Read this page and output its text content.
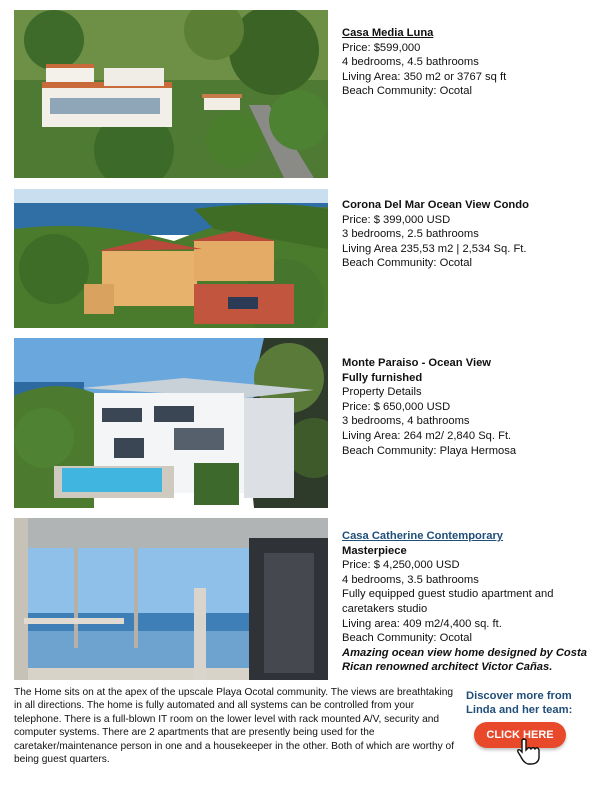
Casa Media Luna
Price: $599,000
4 bedrooms, 4.5 bathrooms
Living Area: 350 m2 or 3767 sq ft
Beach Community: Ocotal
Corona Del Mar Ocean View Condo
Price: $ 399,000 USD
3 bedrooms, 2.5 bathrooms
Living Area 235,53 m2 | 2,534 Sq. Ft.
Beach Community: Ocotal
Monte Paraiso - Ocean View
Fully furnished
Property Details
Price: $ 650,000 USD
3 bedrooms, 4 bathrooms
Living Area: 264 m2/ 2,840 Sq. Ft.
Beach Community: Playa Hermosa
Casa Catherine Contemporary
Masterpiece
Price: $ 4,250,000 USD
4 bedrooms, 3.5 bathrooms
Fully equipped guest studio apartment and
caretakers studio
Living area: 409 m2/4,400 sq. ft.
Beach Community: Ocotal
Amazing ocean view home designed by Costa Rican renowned architect Victor Cañas.
The Home sits on at the apex of the upscale Playa Ocotal community. The views are breathtaking in all directions. The home is fully automated and all systems can be controlled from your telephone. There is a full-blown IT room on the lower level with rack mounted A/V, security and computer systems. There are 2 apartments that are presently being used for the caretaker/maintenance person in one and a housekeeper in the other. Both of which are worthy of being guest quarters.
Discover more from Linda and her team:
CLICK HERE
